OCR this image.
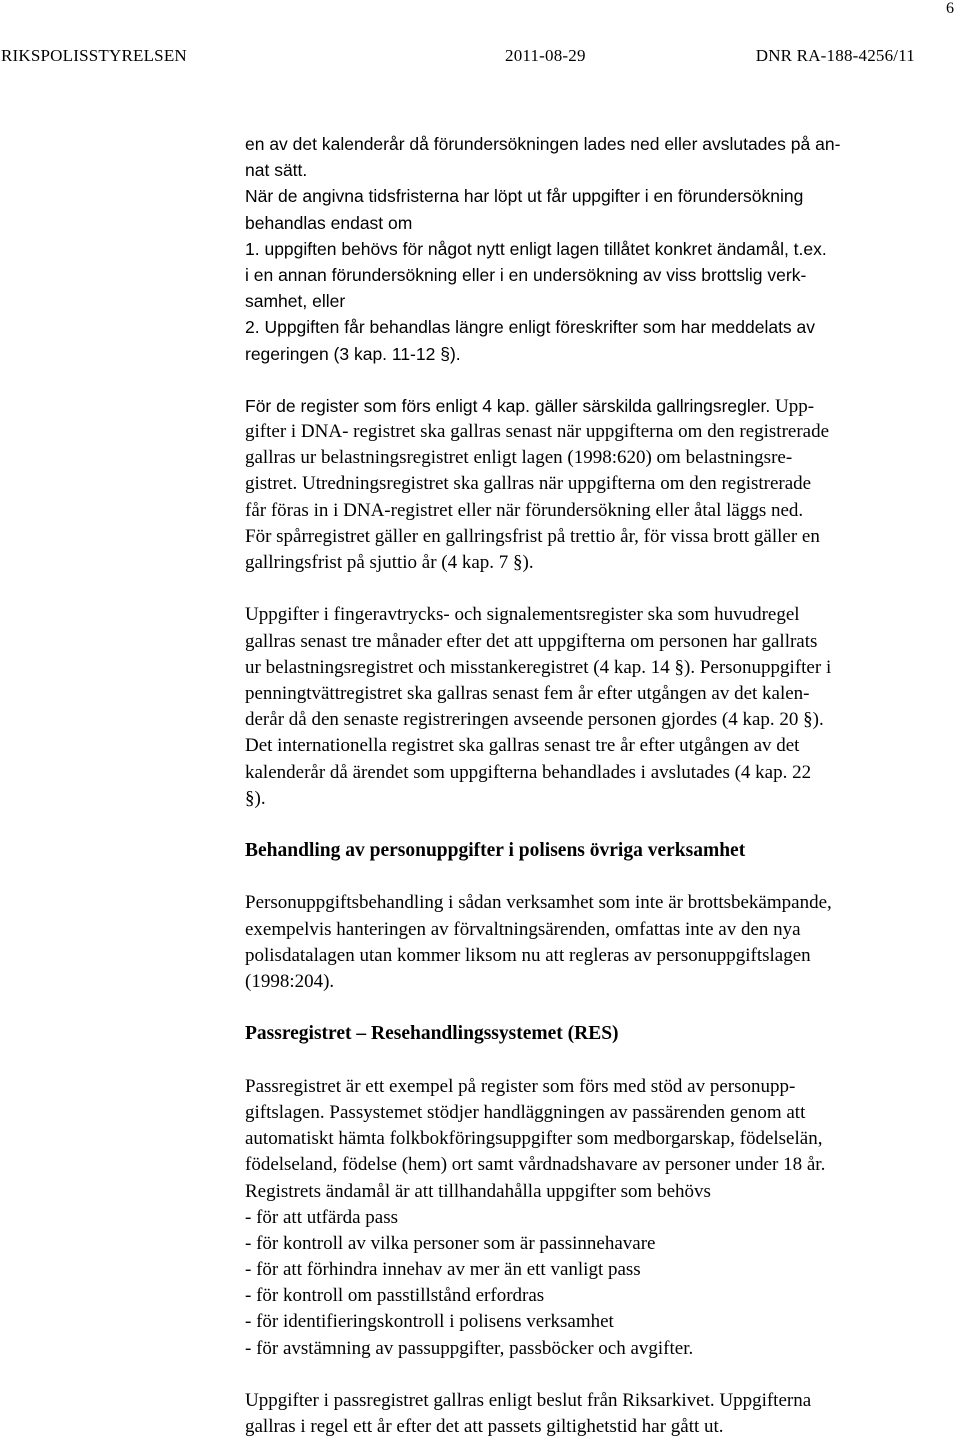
6
RIKSPOLISSTYRELSEN	2011-08-29	DNR RA-188-4256/11
en av det kalenderår då förundersökningen lades ned eller avslutades på an-
nat sätt.
När de angivna tidsfristerna har löpt ut får uppgifter i en förundersökning
behandlas endast om
1. uppgiften behövs för något nytt enligt lagen tillåtet konkret ändamål, t.ex.
i en annan förundersökning eller i en undersökning av viss brottslig verk-
samhet, eller
2. Uppgiften får behandlas längre enligt föreskrifter som har meddelats av
regeringen (3 kap. 11-12 §).
För de register som förs enligt 4 kap. gäller särskilda gallringsregler. Upp-
gifter i DNA- registret ska gallras senast när uppgifterna om den registrerade
gallras ur belastningsregistret enligt lagen (1998:620) om belastningsre-
gistret. Utredningsregistret ska gallras när uppgifterna om den registrerade
får föras in i DNA-registret eller när förundersökning eller åtal läggs ned.
För spårregistret gäller en gallringsfrist på trettio år, för vissa brott gäller en
gallringsfrist på sjuttio år (4 kap. 7 §).
Uppgifter i fingeravtrycks- och signalementsregister ska som huvudregel
gallras senast tre månader efter det att uppgifterna om personen har gallrats
ur belastningsregistret och misstankeregistret (4 kap. 14 §). Personuppgifter i
penningtvättregistret ska gallras senast fem år efter utgången av det kalen-
derår då den senaste registreringen avseende personen gjordes (4 kap. 20 §).
Det internationella registret ska gallras senast tre år efter utgången av det
kalenderår då ärendet som uppgifterna behandlades i avslutades (4 kap. 22
§).
Behandling av personuppgifter i polisens övriga verksamhet
Personuppgiftsbehandling i sådan verksamhet som inte är brottsbekämpande,
exempelvis hanteringen av förvaltningsärenden, omfattas inte av den nya
polisdatalagen utan kommer liksom nu att regleras av personuppgiftslagen
(1998:204).
Passregistret – Resehandlingssystemet (RES)
Passregistret är ett exempel på register som förs med stöd av personupp-
giftslagen. Passystemet stödjer handläggningen av passärenden genom att
automatiskt hämta folkbokföringsuppgifter som medborgarskap, födelselän,
födelseland, födelse (hem) ort samt vårdnadshavare av personer under 18 år.
Registrets ändamål är att tillhandahålla uppgifter som behövs
- för att utfärda pass
- för kontroll av vilka personer som är passinnehavare
- för att förhindra innehav av mer än ett vanligt pass
- för kontroll om passtillstånd erfordras
- för identifieringskontroll i polisens verksamhet
- för avstämning av passuppgifter, passböcker och avgifter.
Uppgifter i passregistret gallras enligt beslut från Riksarkivet. Uppgifterna
gallras i regel ett år efter det att passets giltighetstid har gått ut.
